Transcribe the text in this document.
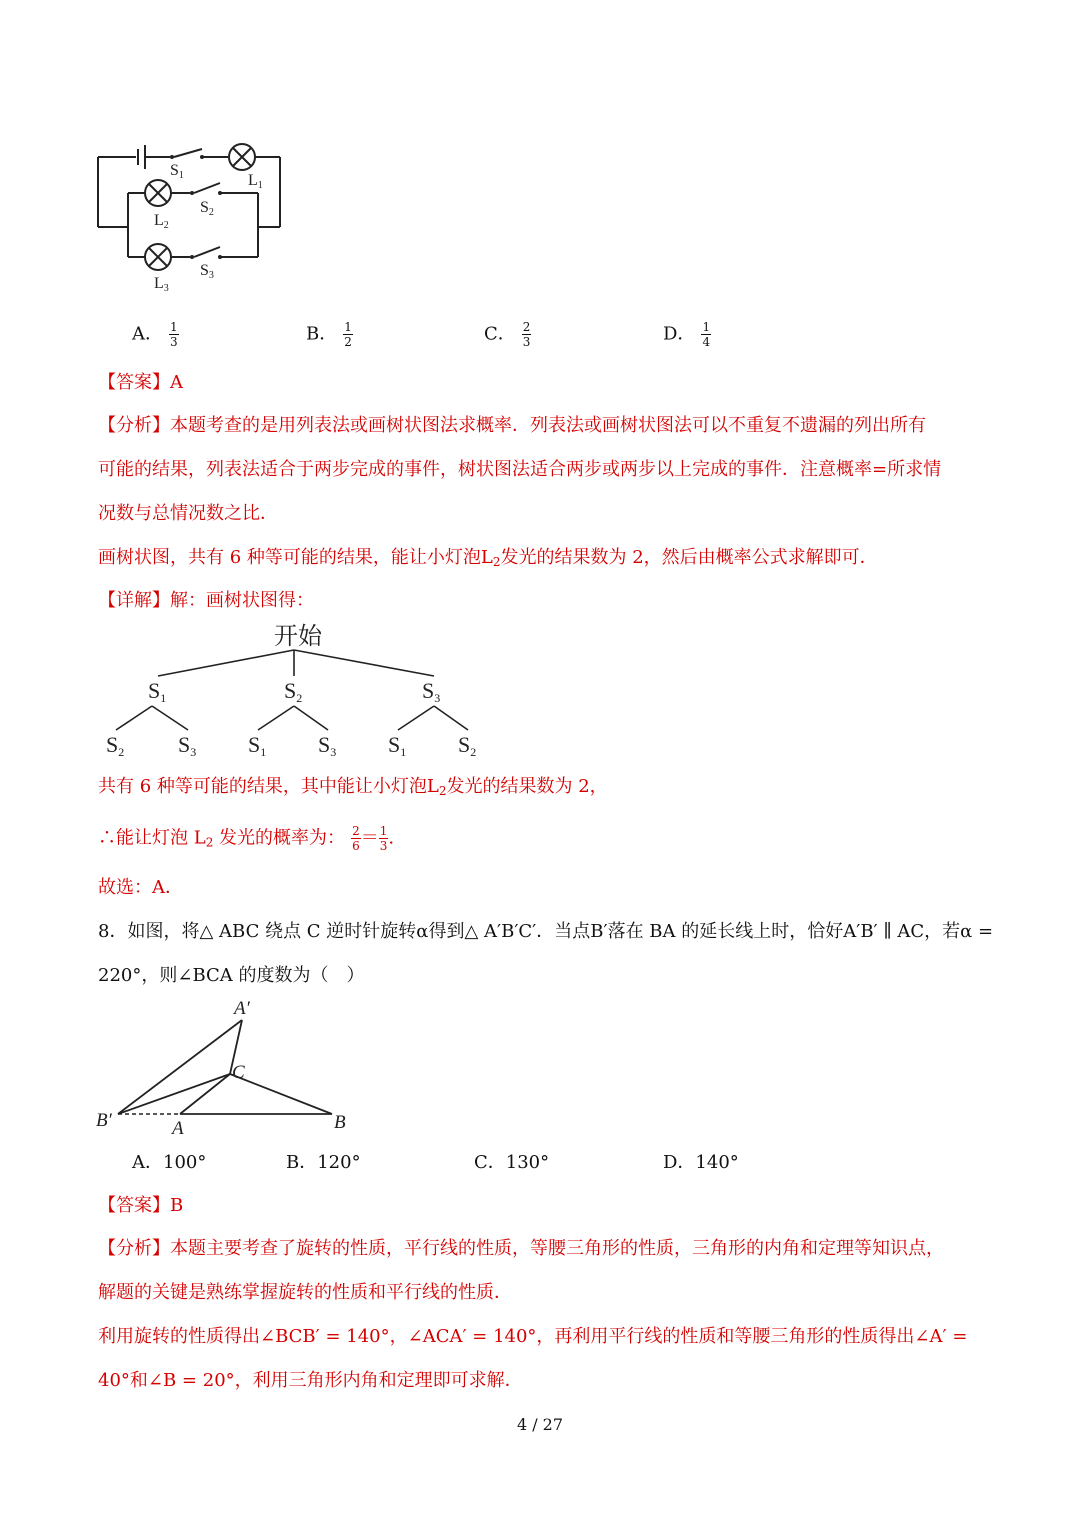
S1	L1
S2
L2
S3
L3
A． $\frac{1}{3}$	B． $\frac{1}{2}$	C． $\frac{2}{3}$	D． $\frac{1}{4}$
【答案】A
【分析】本题考查的是用列表法或画树状图法求概率．列表法或画树状图法可以不重复不遗漏的列出所有
可能的结果，列表法适合于两步完成的事件，树状图法适合两步或两步以上完成的事件．注意概率=所求情
况数与总情况数之比．
画树状图，共有 6 种等可能的结果，能让小灯泡$L_2$发光的结果数为 2，然后由概率公式求解即可．
【详解】解：画树状图得：
开始
S1	S2	S3
S2 S3 S1 S3 S1 S2
共有 6 种等可能的结果，其中能让小灯泡$L_2$发光的结果数为 2，
∴能让灯泡 $L_2$ 发光的概率为： $\frac{2}{6} = \frac{1}{3}$ .
故选：A．
8．如图，将△ ABC 绕点 C 逆时针旋转α得到△ A′B′C′．当点B′落在 BA 的延长线上时，恰好A′B′ ∥ AC，若α =
220°，则∠BCA 的度数为（　）
A′
C
B′	A	B
A．100°	B．120°	C．130°	D．140°
【答案】B
【分析】本题主要考查了旋转的性质，平行线的性质，等腰三角形的性质，三角形的内角和定理等知识点，
解题的关键是熟练掌握旋转的性质和平行线的性质．
利用旋转的性质得出∠BCB′ = 140°，∠ACA′ = 140°，再利用平行线的性质和等腰三角形的性质得出∠A′ =
40°和∠B = 20°，利用三角形内角和定理即可求解．
4 / 27
